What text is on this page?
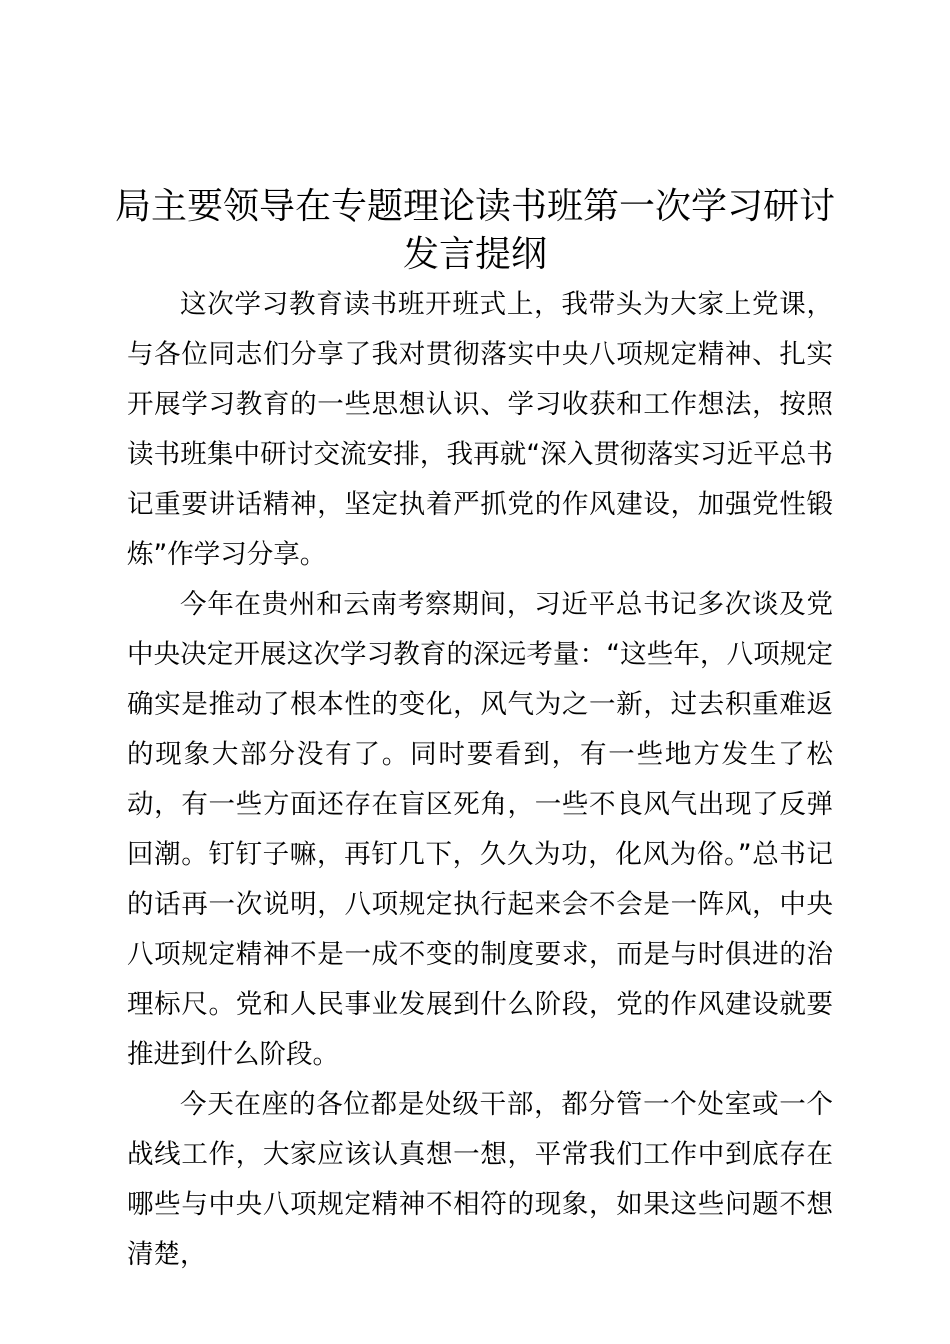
局主要领导在专题理论读书班第一次学习研讨
发言提纲

这次学习教育读书班开班式上，我带头为大家上党课，与各位同志们分享了我对贯彻落实中央八项规定精神、扎实开展学习教育的一些思想认识、学习收获和工作想法，按照读书班集中研讨交流安排，我再就“深入贯彻落实习近平总书记重要讲话精神，坚定执着严抓党的作风建设，加强党性锻炼”作学习分享。

今年在贵州和云南考察期间，习近平总书记多次谈及党中央决定开展这次学习教育的深远考量：“这些年，八项规定确实是推动了根本性的变化，风气为之一新，过去积重难返的现象大部分没有了。同时要看到，有一些地方发生了松动，有一些方面还存在盲区死角，一些不良风气出现了反弹回潮。钉钉子嘛，再钉几下，久久为功，化风为俗。”总书记的话再一次说明，八项规定执行起来会不会是一阵风，中央八项规定精神不是一成不变的制度要求，而是与时俱进的治理标尺。党和人民事业发展到什么阶段，党的作风建设就要推进到什么阶段。

今天在座的各位都是处级干部，都分管一个处室或一个战线工作，大家应该认真想一想，平常我们工作中到底存在哪些与中央八项规定精神不相符的现象，如果这些问题不想清楚，
